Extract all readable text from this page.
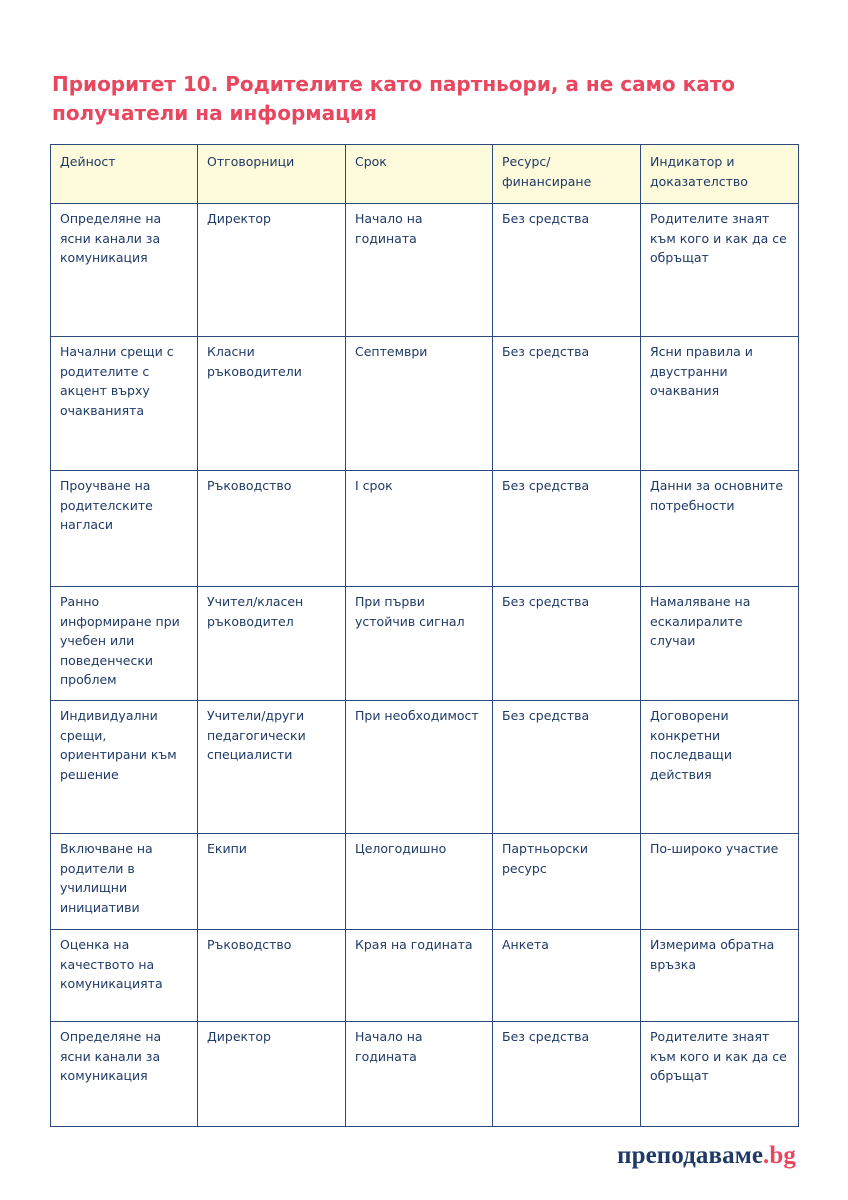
Приоритет 10. Родителите като партньори, а не само като получатели на информация
Дейност	Отговорници	Срок	Ресурс/ финансиране	Индикатор и доказателство
Определяне на ясни канали за комуникация	Директор	Начало на годината	Без средства	Родителите знаят към кого и как да се обръщат
Начални срещи с родителите с акцент върху очакванията	Класни ръководители	Септември	Без средства	Ясни правила и двустранни очаквания
Проучване на родителските нагласи	Ръководство	I срок	Без средства	Данни за основните потребности
Ранно информиране при учебен или поведенчески проблем	Учител/класен ръководител	При първи устойчив сигнал	Без средства	Намаляване на ескалиралите случаи
Индивидуални срещи, ориентирани към решение	Учители/други педагогически специалисти	При необходимост	Без средства	Договорени конкретни последващи действия
Включване на родители в училищни инициативи	Екипи	Целогодишно	Партньорски ресурс	По-широко участие
Оценка на качеството на комуникацията	Ръководство	Края на годината	Анкета	Измерима обратна връзка
Определяне на ясни канали за комуникация	Директор	Начало на годината	Без средства	Родителите знаят към кого и как да се обръщат
преподаваме.bg
